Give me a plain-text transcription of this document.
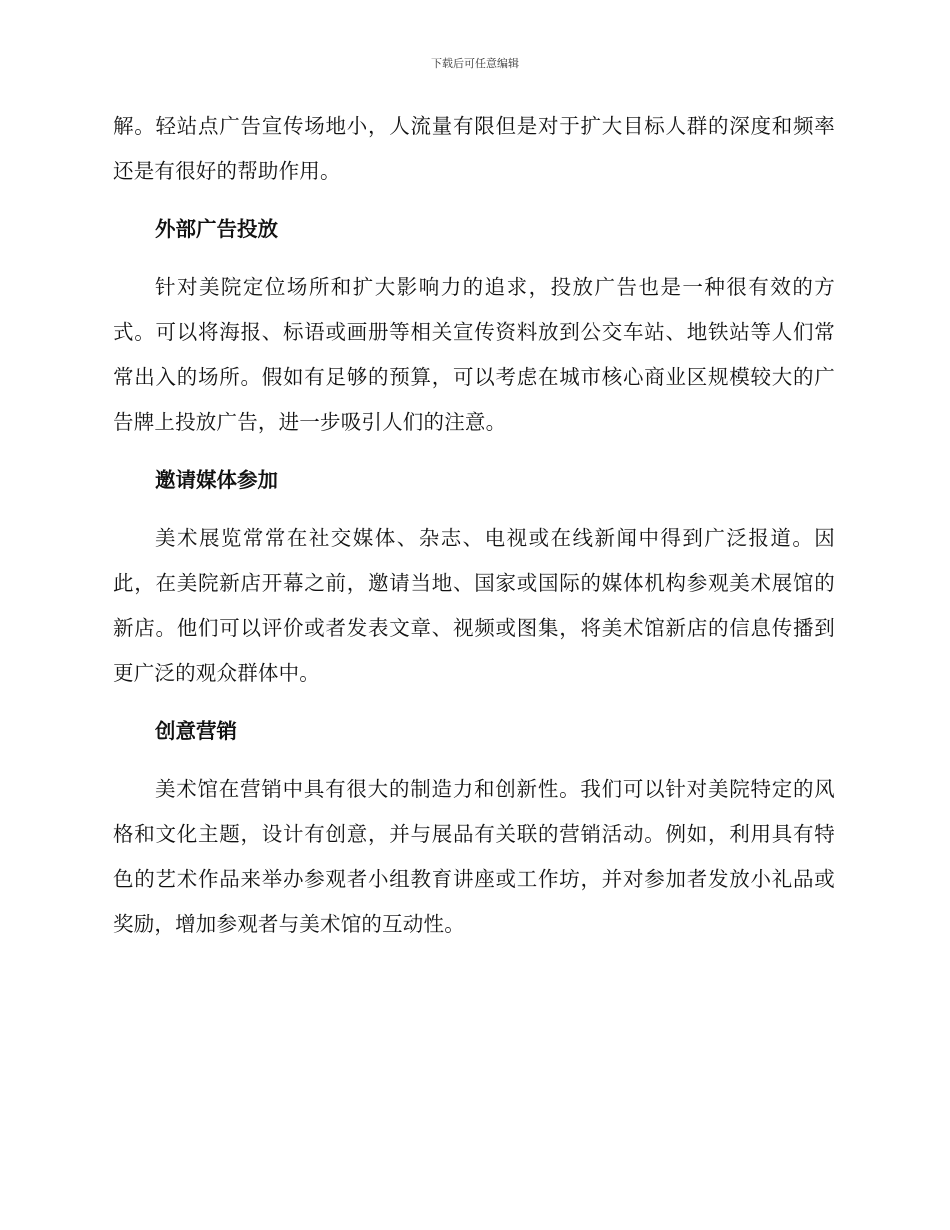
下载后可任意编辑

解。轻站点广告宣传场地小，人流量有限但是对于扩大目标人群的深度和频率还是有很好的帮助作用。

外部广告投放

针对美院定位场所和扩大影响力的追求，投放广告也是一种很有效的方式。可以将海报、标语或画册等相关宣传资料放到公交车站、地铁站等人们常常出入的场所。假如有足够的预算，可以考虑在城市核心商业区规模较大的广告牌上投放广告，进一步吸引人们的注意。

邀请媒体参加

美术展览常常在社交媒体、杂志、电视或在线新闻中得到广泛报道。因此，在美院新店开幕之前，邀请当地、国家或国际的媒体机构参观美术展馆的新店。他们可以评价或者发表文章、视频或图集，将美术馆新店的信息传播到更广泛的观众群体中。

创意营销

美术馆在营销中具有很大的制造力和创新性。我们可以针对美院特定的风格和文化主题，设计有创意，并与展品有关联的营销活动。例如，利用具有特色的艺术作品来举办参观者小组教育讲座或工作坊，并对参加者发放小礼品或奖励，增加参观者与美术馆的互动性。
